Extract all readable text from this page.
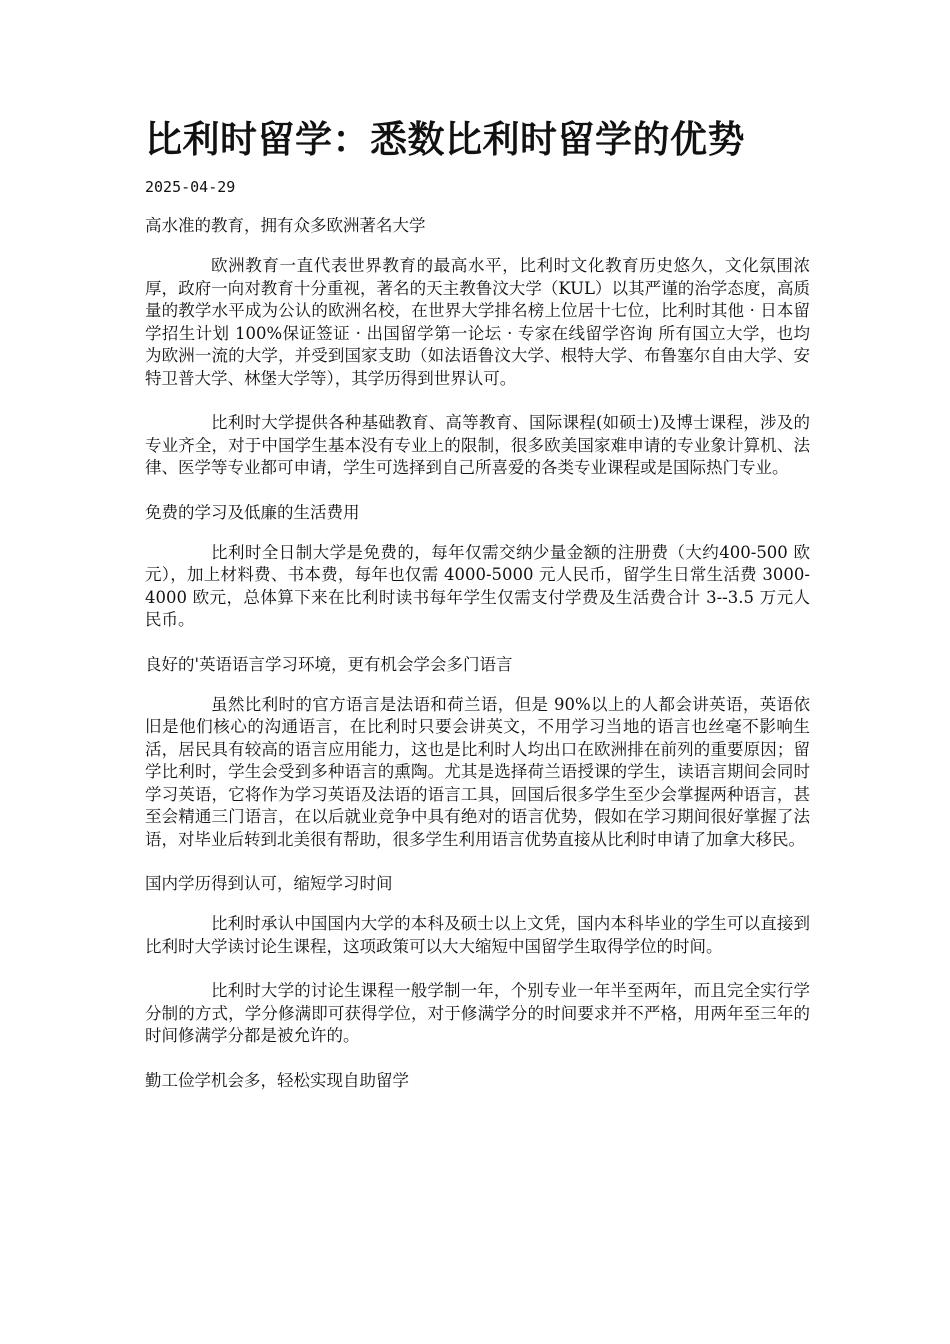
比利时留学：悉数比利时留学的优势
2025-04-29
高水准的教育，拥有众多欧洲著名大学

欧洲教育一直代表世界教育的最高水平，比利时文化教育历史悠久，文化氛围浓厚，政府一向对教育十分重视，著名的天主教鲁汶大学（KUL）以其严谨的治学态度，高质量的教学水平成为公认的欧洲名校，在世界大学排名榜上位居十七位，比利时其他 · 日本留学招生计划 100%保证签证 · 出国留学第一论坛 · 专家在线留学咨询 所有国立大学，也均为欧洲一流的大学，并受到国家支助（如法语鲁汶大学、根特大学、布鲁塞尔自由大学、安特卫普大学、林堡大学等），其学历得到世界认可。

比利时大学提供各种基础教育、高等教育、国际课程(如硕士)及博士课程，涉及的专业齐全，对于中国学生基本没有专业上的限制，很多欧美国家难申请的专业象计算机、法律、医学等专业都可申请，学生可选择到自己所喜爱的各类专业课程或是国际热门专业。

免费的学习及低廉的生活费用

比利时全日制大学是免费的，每年仅需交纳少量金额的注册费（大约400-500 欧元），加上材料费、书本费，每年也仅需 4000-5000 元人民币，留学生日常生活费 3000-4000 欧元，总体算下来在比利时读书每年学生仅需支付学费及生活费合计 3--3.5 万元人民币。

良好的'英语语言学习环境，更有机会学会多门语言

虽然比利时的官方语言是法语和荷兰语，但是 90%以上的人都会讲英语，英语依旧是他们核心的沟通语言，在比利时只要会讲英文，不用学习当地的语言也丝毫不影响生活，居民具有较高的语言应用能力，这也是比利时人均出口在欧洲排在前列的重要原因；留学比利时，学生会受到多种语言的熏陶。尤其是选择荷兰语授课的学生，读语言期间会同时学习英语，它将作为学习英语及法语的语言工具，回国后很多学生至少会掌握两种语言，甚至会精通三门语言，在以后就业竞争中具有绝对的语言优势，假如在学习期间很好掌握了法语，对毕业后转到北美很有帮助，很多学生利用语言优势直接从比利时申请了加拿大移民。

国内学历得到认可，缩短学习时间

比利时承认中国国内大学的本科及硕士以上文凭，国内本科毕业的学生可以直接到比利时大学读讨论生课程，这项政策可以大大缩短中国留学生取得学位的时间。

比利时大学的讨论生课程一般学制一年，个别专业一年半至两年，而且完全实行学分制的方式，学分修满即可获得学位，对于修满学分的时间要求并不严格，用两年至三年的时间修满学分都是被允许的。

勤工俭学机会多，轻松实现自助留学
